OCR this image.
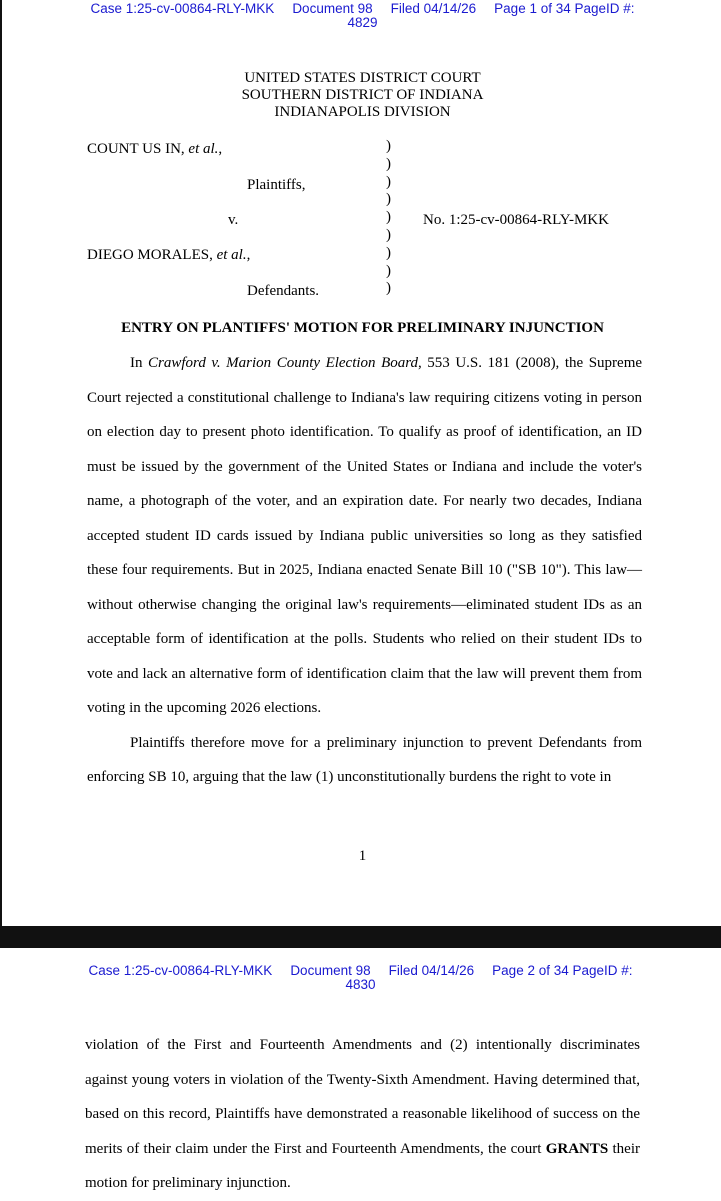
Case 1:25-cv-00864-RLY-MKK Document 98 Filed 04/14/26 Page 1 of 34 PageID #:
4829
UNITED STATES DISTRICT COURT
SOUTHERN DISTRICT OF INDIANA
INDIANAPOLIS DIVISION
COUNT US IN, et al.,
Plaintiffs,
v.	No. 1:25-cv-00864-RLY-MKK
DIEGO MORALES, et al.,
Defendants.
)
)
)
)
)
)
)
)
)
ENTRY ON PLANTIFFS' MOTION FOR PRELIMINARY INJUNCTION

In Crawford v. Marion County Election Board, 553 U.S. 181 (2008), the Supreme Court rejected a constitutional challenge to Indiana's law requiring citizens voting in person on election day to present photo identification. To qualify as proof of identification, an ID must be issued by the government of the United States or Indiana and include the voter's name, a photograph of the voter, and an expiration date. For nearly two decades, Indiana accepted student ID cards issued by Indiana public universities so long as they satisfied these four requirements. But in 2025, Indiana enacted Senate Bill 10 ("SB 10"). This law—without otherwise changing the original law's requirements—eliminated student IDs as an acceptable form of identification at the polls. Students who relied on their student IDs to vote and lack an alternative form of identification claim that the law will prevent them from voting in the upcoming 2026 elections.

Plaintiffs therefore move for a preliminary injunction to prevent Defendants from enforcing SB 10, arguing that the law (1) unconstitutionally burdens the right to vote in

1
Case 1:25-cv-00864-RLY-MKK Document 98 Filed 04/14/26 Page 2 of 34 PageID #:
4830

violation of the First and Fourteenth Amendments and (2) intentionally discriminates against young voters in violation of the Twenty-Sixth Amendment. Having determined that, based on this record, Plaintiffs have demonstrated a reasonable likelihood of success on the merits of their claim under the First and Fourteenth Amendments, the court GRANTS their motion for preliminary injunction.
